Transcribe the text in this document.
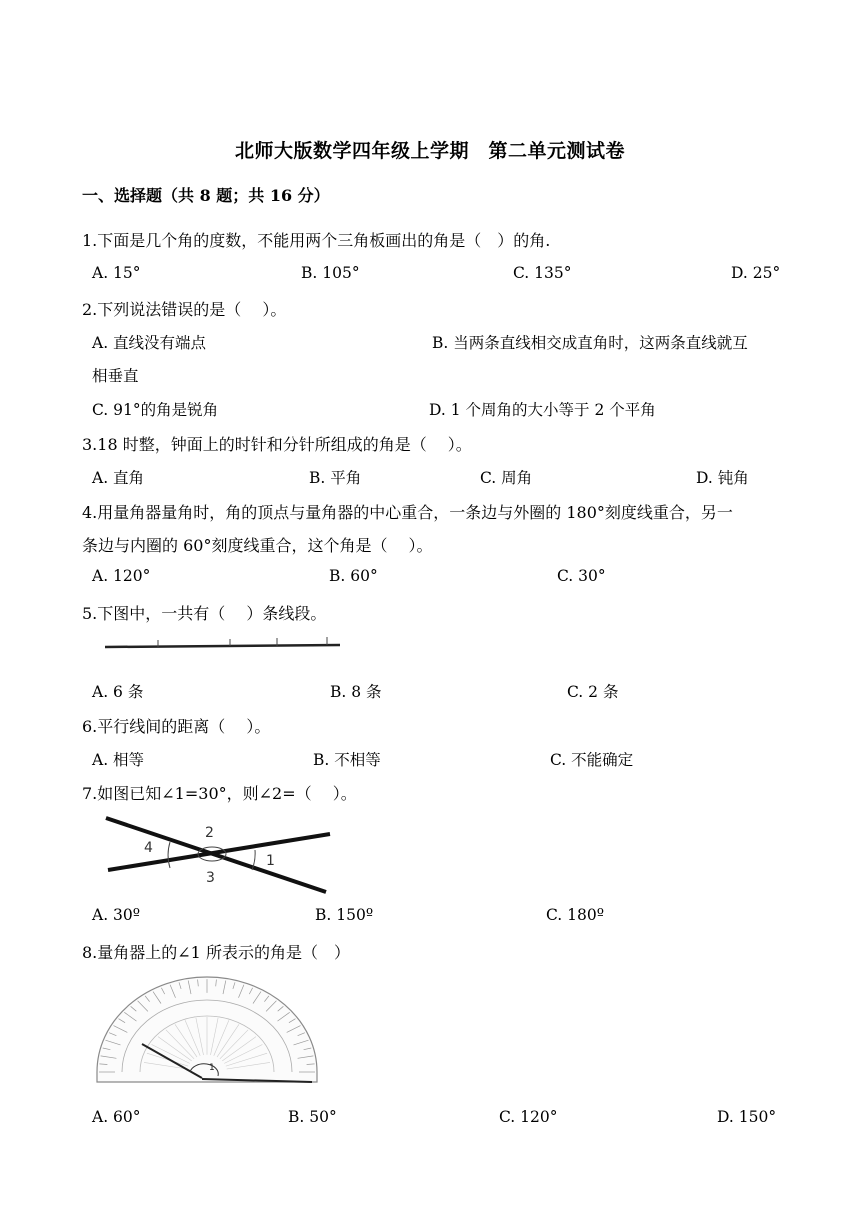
北师大版数学四年级上学期　第二单元测试卷
一、选择题（共 8 题；共 16 分）
1.下面是几个角的度数，不能用两个三角板画出的角是（　）的角.
A. 15°	B. 105°	C. 135°	D. 25°
2.下列说法错误的是（　 ）。
A. 直线没有端点	B. 当两条直线相交成直角时，这两条直线就互
相垂直
C. 91°的角是锐角	D. 1 个周角的大小等于 2 个平角
3.18 时整，钟面上的时针和分针所组成的角是（　 ）。
A. 直角	B. 平角	C. 周角	D. 钝角
4.用量角器量角时，角的顶点与量角器的中心重合，一条边与外圈的 180°刻度线重合，另一
条边与内圈的 60°刻度线重合，这个角是（　 ）。
A. 120°	B. 60°	C. 30°
5.下图中，一共有（　 ）条线段。
A. 6 条	B. 8 条	C. 2 条
6.平行线间的距离（　 ）。
A. 相等	B. 不相等	C. 不能确定
7.如图已知∠1=30°，则∠2=（　 ）。
2
4
1
3
A. 30º	B. 150º	C. 180º
8.量角器上的∠1 所表示的角是（　）
1
A. 60°	B. 50°	C. 120°	D. 150°
